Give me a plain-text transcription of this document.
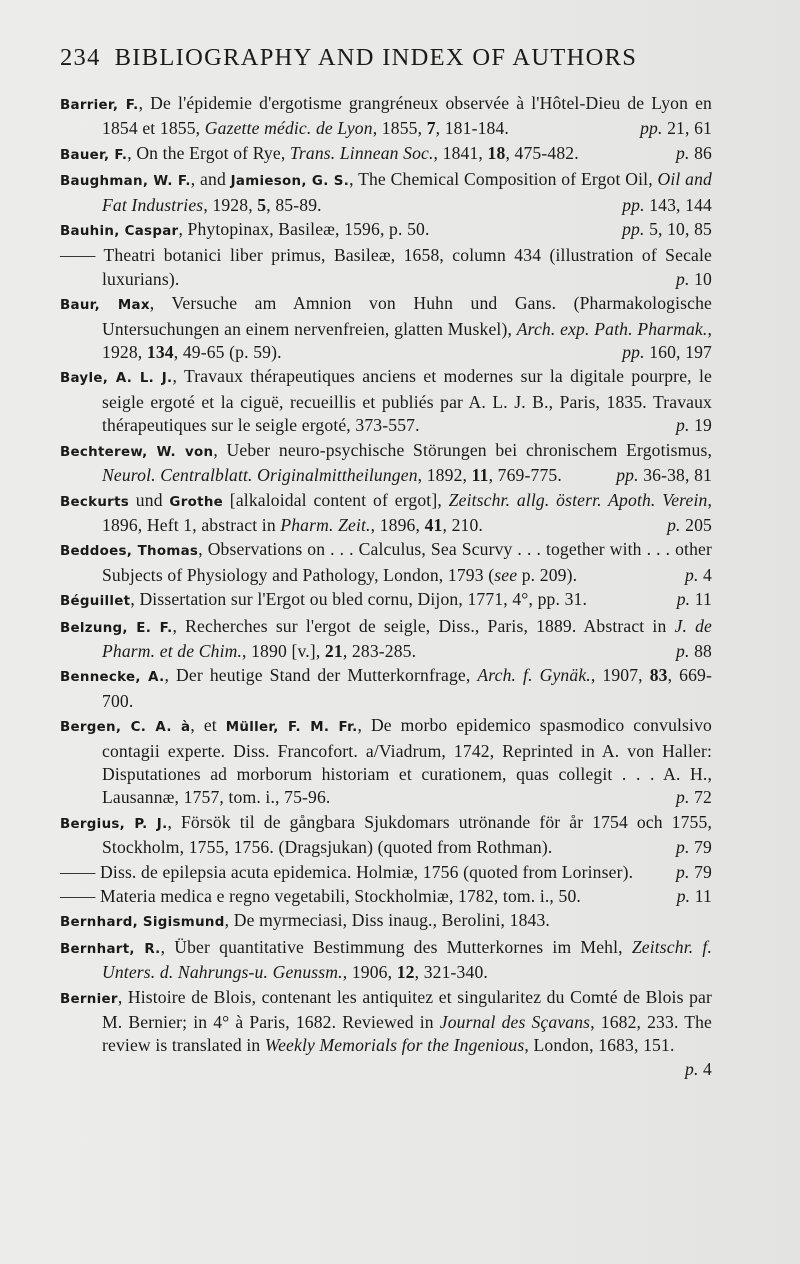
234 BIBLIOGRAPHY AND INDEX OF AUTHORS
Barrier, F., De l'épidemie d'ergotisme grangréneux observée à l'Hôtel-Dieu de Lyon en 1854 et 1855, Gazette médic. de Lyon, 1855, 7, 181-184.	pp. 21, 61
Bauer, F., On the Ergot of Rye, Trans. Linnean Soc., 1841, 18, 475-482.	p. 86
Baughman, W. F., and Jamieson, G. S., The Chemical Composition of Ergot Oil, Oil and Fat Industries, 1928, 5, 85-89.	pp. 143, 144
Bauhin, Caspar, Phytopinax, Basileæ, 1596, p. 50.	pp. 5, 10, 85
—— Theatri botanici liber primus, Basileæ, 1658, column 434 (illustration of Secale luxurians).	p. 10
Baur, Max, Versuche am Amnion von Huhn und Gans. (Pharmakologische Untersuchungen an einem nervenfreien, glatten Muskel), Arch. exp. Path. Pharmak., 1928, 134, 49-65 (p. 59).	pp. 160, 197
Bayle, A. L. J., Travaux thérapeutiques anciens et modernes sur la digitale pourpre, le seigle ergoté et la ciguë, recueillis et publiés par A. L. J. B., Paris, 1835. Travaux thérapeutiques sur le seigle ergoté, 373-557.	p. 19
Bechterew, W. von, Ueber neuro-psychische Störungen bei chronischem Ergotismus, Neurol. Centralblatt. Originalmittheilungen, 1892, 11, 769-775.	pp. 36-38, 81
Beckurts und Grothe [alkaloidal content of ergot], Zeitschr. allg. österr. Apoth. Verein, 1896, Heft 1, abstract in Pharm. Zeit., 1896, 41, 210.	p. 205
Beddoes, Thomas, Observations on . . . Calculus, Sea Scurvy . . . together with . . . other Subjects of Physiology and Pathology, London, 1793 (see p. 209).	p. 4
Béguillet, Dissertation sur l'Ergot ou bled cornu, Dijon, 1771, 4°, pp. 31.	p. 11
Belzung, E. F., Recherches sur l'ergot de seigle, Diss., Paris, 1889. Abstract in J. de Pharm. et de Chim., 1890 [v.], 21, 283-285.	p. 88
Bennecke, A., Der heutige Stand der Mutterkornfrage, Arch. f. Gynäk., 1907, 83, 669-700.
Bergen, C. A. à, et Müller, F. M. Fr., De morbo epidemico spasmodico convulsivo contagii experte. Diss. Francofort. a/Viadrum, 1742, Reprinted in A. von Haller: Disputationes ad morborum historiam et curationem, quas collegit . . . A. H., Lausannæ, 1757, tom. i., 75-96.	p. 72
Bergius, P. J., Försök til de gångbara Sjukdomars utrönande för år 1754 och 1755, Stockholm, 1755, 1756. (Dragsjukan) (quoted from Rothman).	p. 79
—— Diss. de epilepsia acuta epidemica. Holmiæ, 1756 (quoted from Lorinser). p. 79
—— Materia medica e regno vegetabili, Stockholmiæ, 1782, tom. i., 50.	p. 11
Bernhard, Sigismund, De myrmeciasi, Diss inaug., Berolini, 1843.
Bernhart, R., Über quantitative Bestimmung des Mutterkornes im Mehl, Zeitschr. f. Unters. d. Nahrungs-u. Genussm., 1906, 12, 321-340.
Bernier, Histoire de Blois, contenant les antiquitez et singularitez du Comté de Blois par M. Bernier; in 4° à Paris, 1682. Reviewed in Journal des Sçavans, 1682, 233. The review is translated in Weekly Memorials for the Ingenious, London, 1683, 151.
p. 4
